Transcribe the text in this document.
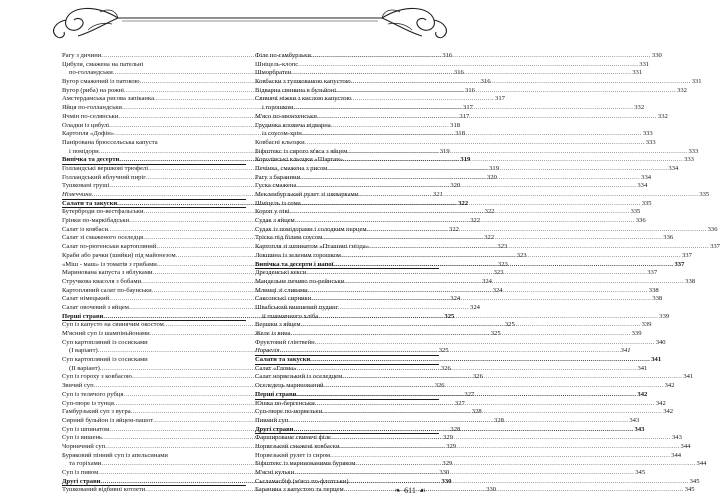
Рагу з дичини .....	316
Цибуля, смажена на пательні
по-голландськи .....	316
Вугор смажений із патокою .....	316
Вугор (риба) на рожні .....	316
Амстердамська рисова запіканка .....	317
Яйця по-голландськи .....	317
Ячмін по-селянськи .....	317
Оладки із цибулі .....	318
Картопля «Дофін» .....	318
Панірована брюссельська капуста
і помідори .....	319
Випічка та десерти .....	319
Голландські вершкові трюфелі .....	319
Голландський яблучний пиріг .....	320
Тушковані груші .....	320
Німеччина .....	321
Салати та закуски .....	322
Бутерброди по-вестфальськи .....	322
Грінки по-маркібадськи .....	322
Салат із ковбаси .....	322
Салат зі смаженого оселедця .....	322
Салат по-рюгенськи картопляний .....	323
Краби або рачки (шийки) під майонезом .....	323
«Міш - маш» із томатів з грибами .....	323
Маринована капуста з яблуками .....	323
Стручкова квасоля з бобами .....	324
Картопляний салат по-баунськи .....	324
Салат німецький .....	324
Салат овочевий з яйцем .....	324
Перші страви .....	325
Суп із капусто на свинячим окостом .....	325
М'ясний суп із шампіньйонами .....	325
Суп картопляний із сосисками
(I варіант) .....	325
Суп картопляний із сосисками
(II варіант) .....	326
Суп із гороху з ковбасою .....	326
Звичий суп .....	326
Суп із телячого рубця .....	327
Суп-пюре із тунця .....	327
Гамбурзький суп з вугра .....	328
Сирний бульйон із яйцем-пашот .....	328
Суп із шпинатом .....	328
Суп із вишень .....	329
Чорничний суп .....	329
Буряковий пінний суп із апельсинами
та горіхами .....	329
Суп із пивом .....	330
Другі страви .....	330
Тушкований відбивні котлети .....	330
Філе по-гамбурзьки .....	330
Шніцель-клопс .....	331
Шморбратен .....	331
Ковбаски з тушкованою капустою .....	331
Відварна свинина в бульйоні .....	332
Свинячі ніжки з кислою капустою
і горошком .....	332
М'ясо по-мюнхенськи .....	332
Грудинка яловича відварна
із соусом-хрін .....	333
Ковбасні кльоцки .....	333
Біфштекс із сирого м'яса з яйцем .....	333
Королівські кльоцки «Шарган» .....	333
Печінка, смажена з рисом .....	334
Рагу з баранини .....	334
Гуска смажена .....	334
Мекленбурзький рулет зі шкварками .....	335
Шніцель із сома .....	335
Короп у піві .....	335
Судак з яйцем .....	336
Судак із помідорами і солодким перцем .....	336
Тріска під білим соусом .....	336
Картопля зі шпинатом «Пташині гнізда» .....	337
Локшина із зеленим горошком .....	337
Випічка та десерти і напої .....	337
Дрезденські кекси .....	337
Мандельне печиво по-рейнськи .....	338
Млинці зі сливами .....	338
Саксонські сирники .....	338
Швабський вишневий пудинг
ії пшеничного хліба .....	339
Вершки з яйцем .....	339
Желе із вина .....	339
Фруктовий ґлінтвейн .....	340
Норвегія .....	341
Салати та закуски .....	341
Салат «Глома» .....	341
Салат норвезький із оселедцем .....	341
Оселедець маринований .....	342
Перші страви .....	342
Юшка по-бергенськи .....	342
Суп-пюре по-норвезьки .....	342
Пивний суп .....	343
Другі страви .....	343
Фаршироване свинячі філе .....	343
Норвезький смажені ковбаски .....	344
Норвезький рулет із сиром .....	344
Біфштекс із маринованими буряком .....	344
М'ясні кульки .....	345
Сьєламасбіф (м'ясо по-флотськи) .....	345
Баранина з капустою та перцем .....	345
❧ 611 ☙
